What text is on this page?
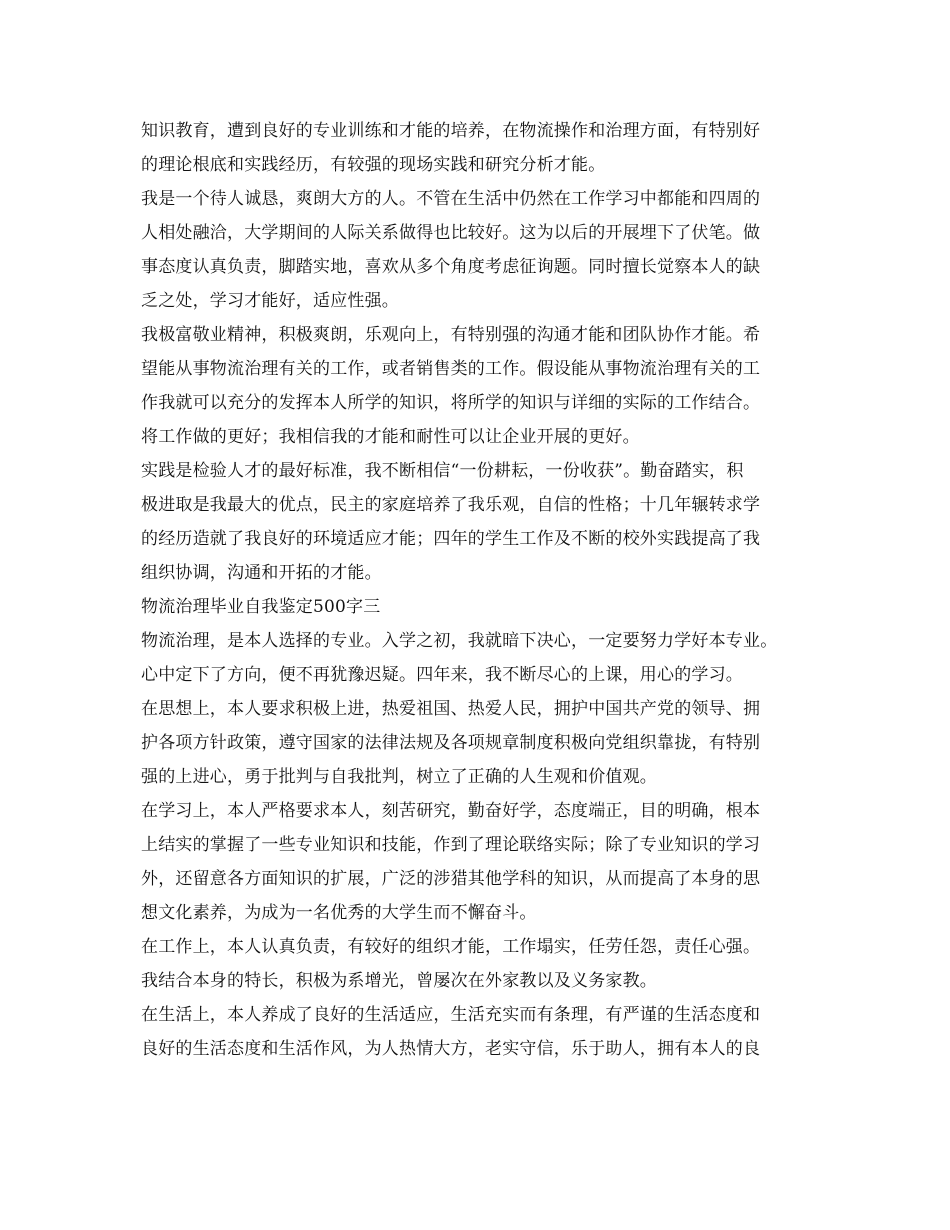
知识教育，遭到良好的专业训练和才能的培养，在物流操作和治理方面，有特别好
的理论根底和实践经历，有较强的现场实践和研究分析才能。
我是一个待人诚恳，爽朗大方的人。不管在生活中仍然在工作学习中都能和四周的
人相处融洽，大学期间的人际关系做得也比较好。这为以后的开展埋下了伏笔。做
事态度认真负责，脚踏实地，喜欢从多个角度考虑征询题。同时擅长觉察本人的缺
乏之处，学习才能好，适应性强。
我极富敬业精神，积极爽朗，乐观向上，有特别强的沟通才能和团队协作才能。希
望能从事物流治理有关的工作，或者销售类的工作。假设能从事物流治理有关的工
作我就可以充分的发挥本人所学的知识，将所学的知识与详细的实际的工作结合。
将工作做的更好；我相信我的才能和耐性可以让企业开展的更好。
实践是检验人才的最好标准，我不断相信“一份耕耘，一份收获”。勤奋踏实，积
极进取是我最大的优点，民主的家庭培养了我乐观，自信的性格；十几年辗转求学
的经历造就了我良好的环境适应才能；四年的学生工作及不断的校外实践提高了我
组织协调，沟通和开拓的才能。
物流治理毕业自我鉴定500字三
物流治理，是本人选择的专业。入学之初，我就暗下决心，一定要努力学好本专业。
心中定下了方向，便不再犹豫迟疑。四年来，我不断尽心的上课，用心的学习。
在思想上，本人要求积极上进，热爱祖国、热爱人民，拥护中国共产党的领导、拥
护各项方针政策，遵守国家的法律法规及各项规章制度积极向党组织靠拢，有特别
强的上进心，勇于批判与自我批判，树立了正确的人生观和价值观。
在学习上，本人严格要求本人，刻苦研究，勤奋好学，态度端正，目的明确，根本
上结实的掌握了一些专业知识和技能，作到了理论联络实际；除了专业知识的学习
外，还留意各方面知识的扩展，广泛的涉猎其他学科的知识，从而提高了本身的思
想文化素养，为成为一名优秀的大学生而不懈奋斗。
在工作上，本人认真负责，有较好的组织才能，工作塌实，任劳任怨，责任心强。
我结合本身的特长，积极为系增光，曾屡次在外家教以及义务家教。
在生活上，本人养成了良好的生活适应，生活充实而有条理，有严谨的生活态度和
良好的生活态度和生活作风，为人热情大方，老实守信，乐于助人，拥有本人的良
